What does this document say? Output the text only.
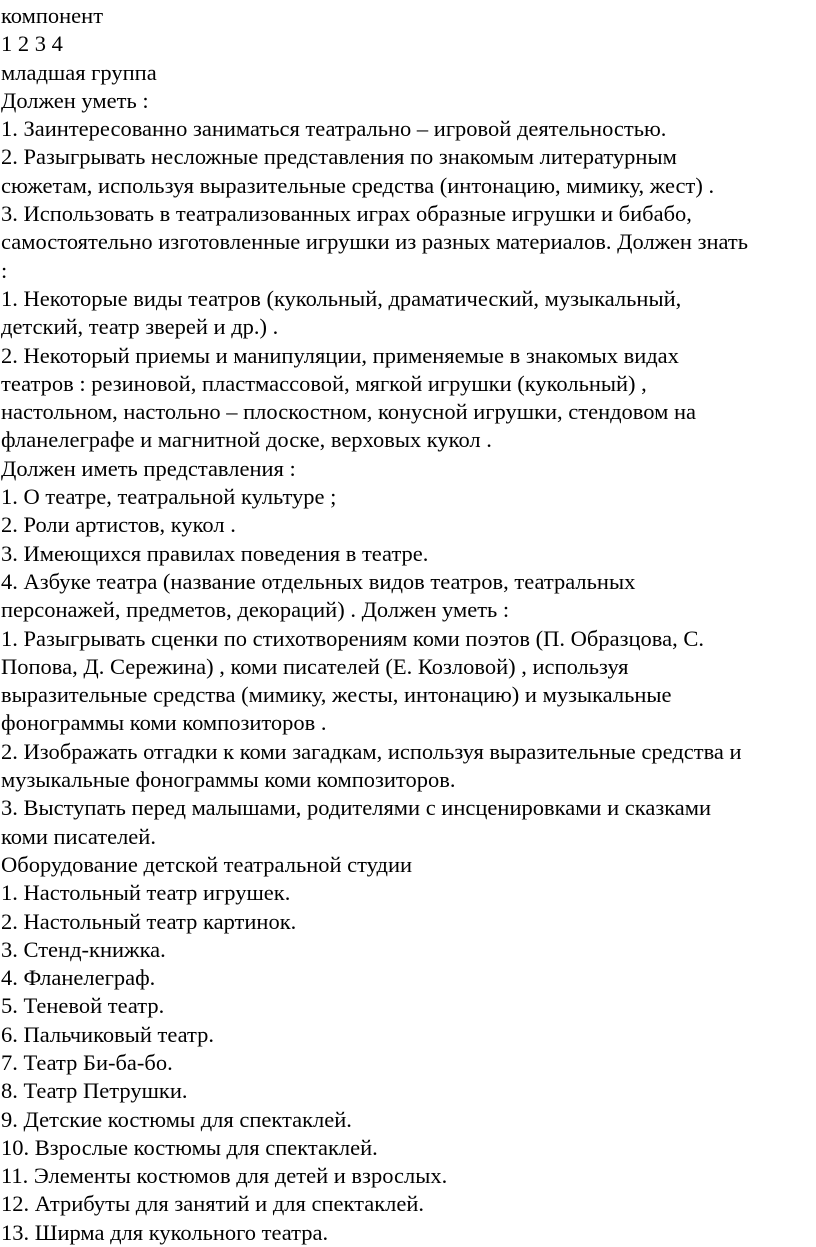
компонент
1 2 3 4
младшая группа
Должен уметь :
1. Заинтересованно заниматься театрально – игровой деятельностью.
2. Разыгрывать несложные представления по знакомым литературным
сюжетам, используя выразительные средства (интонацию, мимику, жест) .
3. Использовать в театрализованных играх образные игрушки и бибабо,
самостоятельно изготовленные игрушки из разных материалов. Должен знать
:
1. Некоторые виды театров (кукольный, драматический, музыкальный,
детский, театр зверей и др.) .
2. Некоторый приемы и манипуляции, применяемые в знакомых видах
театров : резиновой, пластмассовой, мягкой игрушки (кукольный) ,
настольном, настольно – плоскостном, конусной игрушки, стендовом на
фланелеграфе и магнитной доске, верховых кукол .
Должен иметь представления :
1. О театре, театральной культуре ;
2. Роли артистов, кукол .
3. Имеющихся правилах поведения в театре.
4. Азбуке театра (название отдельных видов театров, театральных
персонажей, предметов, декораций) . Должен уметь :
1. Разыгрывать сценки по стихотворениям коми поэтов (П. Образцова, С.
Попова, Д. Сережина) , коми писателей (Е. Козловой) , используя
выразительные средства (мимику, жесты, интонацию) и музыкальные
фонограммы коми композиторов .
2. Изображать отгадки к коми загадкам, используя выразительные средства и
музыкальные фонограммы коми композиторов.
3. Выступать перед малышами, родителями с инсценировками и сказками
коми писателей.
Оборудование детской театральной студии
1. Настольный театр игрушек.
2. Настольный театр картинок.
3. Стенд-книжка.
4. Фланелеграф.
5. Теневой театр.
6. Пальчиковый театр.
7. Театр Би-ба-бо.
8. Театр Петрушки.
9. Детские костюмы для спектаклей.
10. Взрослые костюмы для спектаклей.
11. Элементы костюмов для детей и взрослых.
12. Атрибуты для занятий и для спектаклей.
13. Ширма для кукольного театра.
